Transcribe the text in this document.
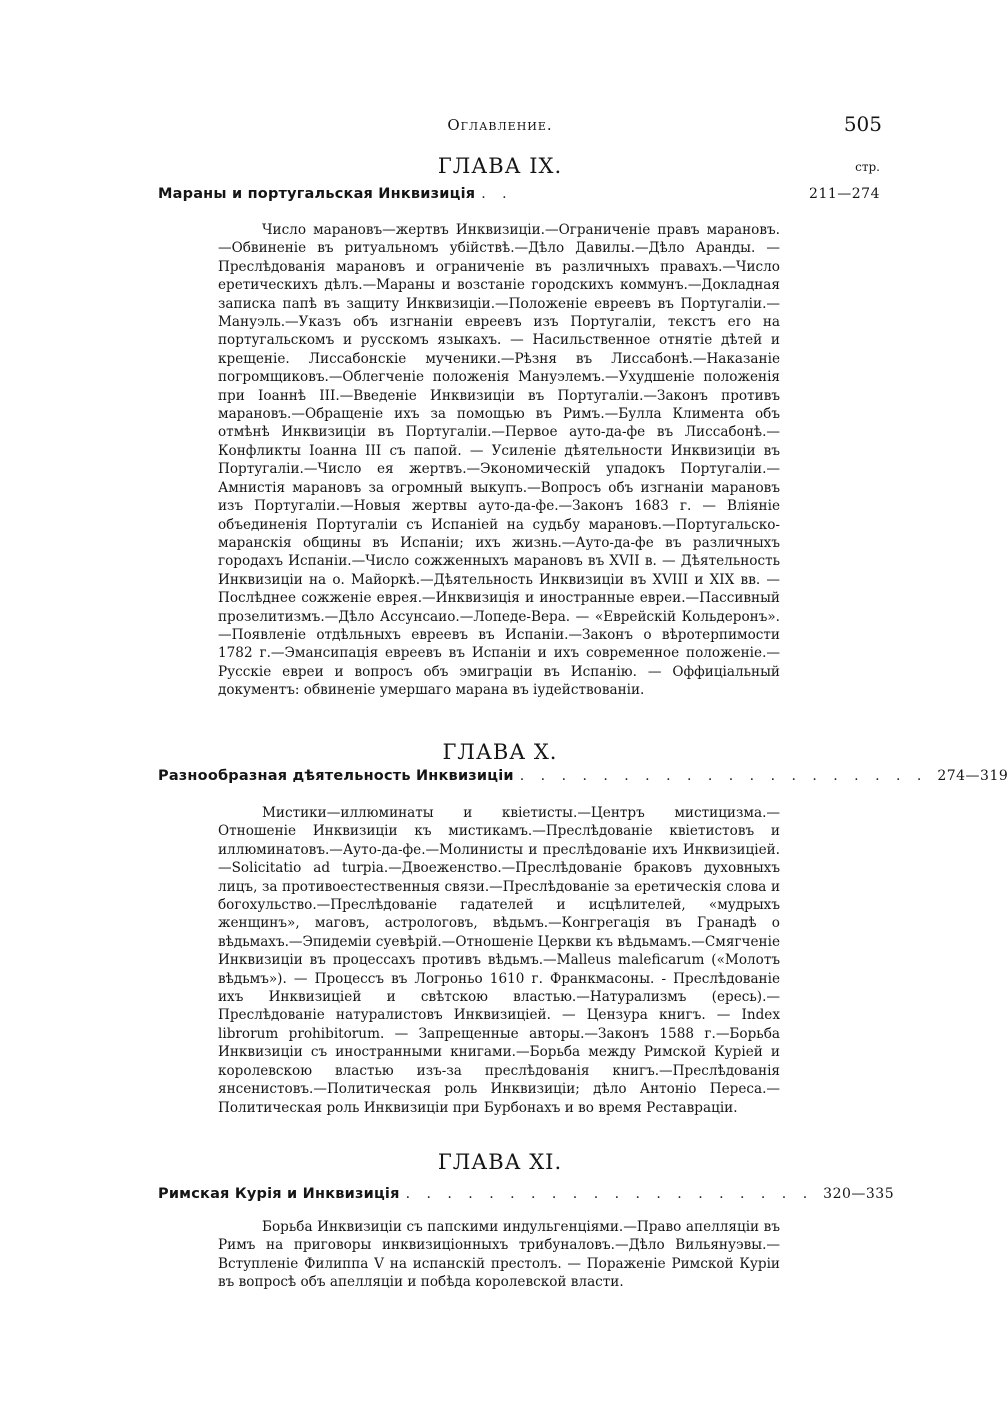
Оглавление.	505
ГЛАВА IX.	стр.
Мараны и португальская Инквизиція . .	211—274
Число марановъ—жертвъ Инквизиціи.—Ограниченіе правъ марановъ.—Обвиненіе въ ритуальномъ убійствѣ.—Дѣло Давилы.—Дѣло Аранды. — Преслѣдованія марановъ и ограниченіе въ различныхъ правахъ.—Число еретическихъ дѣлъ.—Мараны и возстаніе городскихъ коммунъ.—Докладная записка папѣ въ защиту Инквизиціи.—Положеніе евреевъ въ Португаліи.—Мануэль.—Указъ объ изгнаніи евреевъ изъ Португаліи, текстъ его на португальскомъ и русскомъ языкахъ. — Насильственное отнятіе дѣтей и крещеніе. Лиссабонскіе мученики.—Рѣзня въ Лиссабонѣ.—Наказаніе погромщиковъ.—Облегченіе положенія Мануэлемъ.—Ухудшеніе положенія при Іоаннѣ III.—Введеніе Инквизиціи въ Португаліи.—Законъ противъ марановъ.—Обращеніе ихъ за помощью въ Римъ.—Булла Климента объ отмѣнѣ Инквизиціи въ Португаліи.—Первое ауто-да-фе въ Лиссабонѣ.—Конфликты Іоанна III съ папой. — Усиленіе дѣятельности Инквизиціи въ Португаліи.—Число ея жертвъ.—Экономическій упадокъ Португаліи.—Амнистія марановъ за огромный выкупъ.—Вопросъ объ изгнаніи марановъ изъ Португаліи.—Новыя жертвы ауто-да-фе.—Законъ 1683 г. — Вліяніе объединенія Португаліи съ Испаніей на судьбу марановъ.—Португальско-маранскія общины въ Испаніи; ихъ жизнь.—Ауто-да-фе въ различныхъ городахъ Испаніи.—Число сожженныхъ марановъ въ XVII в. — Дѣятельность Инквизиціи на о. Майоркѣ.—Дѣятельность Инквизиціи въ XVIII и XIX вв. — Послѣднее сожженіе еврея.—Инквизиція и иностранные евреи.—Пассивный прозелитизмъ.—Дѣло Ассунсаио.—Лопеде-Вера. — «Еврейскій Кольдеронъ».—Появленіе отдѣльныхъ евреевъ въ Испаніи.—Законъ о вѣротерпимости 1782 г.—Эмансипація евреевъ въ Испаніи и ихъ современное положеніе.—Русскіе евреи и вопросъ объ эмиграціи въ Испанію. — Оффиціальный документъ: обвиненіе умершаго марана въ іудействованіи.
ГЛАВА X.
Разнообразная дѣятельность Инквизиціи . . . . . . . . . . . . . . . . . . . . 274—319
Мистики—иллюминаты и квіетисты.—Центръ мистицизма.—Отношеніе Инквизиціи къ мистикамъ.—Преслѣдованіе квіетистовъ и иллюминатовъ.—Ауто-да-фе.—Молинисты и преслѣдованіе ихъ Инквизиціей.—Solicitatio ad turpia.—Двоеженство.—Преслѣдованіе браковъ духовныхъ лицъ, за противоестественныя связи.—Преслѣдованіе за еретическія слова и богохульство.—Преслѣдованіе гадателей и исцѣлителей, «мудрыхъ женщинъ», маговъ, астрологовъ, вѣдьмъ.—Конгрегація въ Гранадѣ о вѣдьмахъ.—Эпидеміи суевѣрій.—Отношеніе Церкви къ вѣдьмамъ.—Смягченіе Инквизиціи въ процессахъ противъ вѣдьмъ.—Malleus maleficarum («Молотъ вѣдьмъ»). — Процессъ въ Логроньо 1610 г. Франкмасоны. - Преслѣдованіе ихъ Инквизиціей и свѣтскою властью.—Натурализмъ (ересь).—Преслѣдованіе натуралистовъ Инквизиціей. — Цензура книгъ. — Index librorum prohibitorum. — Запрещенные авторы.—Законъ 1588 г.—Борьба Инквизиціи съ иностранными книгами.—Борьба между Римской Куріей и королевскою властью изъ-за преслѣдованія книгъ.—Преслѣдованія янсенистовъ.—Политическая роль Инквизиціи; дѣло Антоніо Переса.—Политическая роль Инквизиціи при Бурбонахъ и во время Реставраціи.
ГЛАВА XI.
Римская Курія и Инквизиція . . . . . . . . . . . . . . . . . . . . 320—335
Борьба Инквизиціи съ папскими индульгенціями.—Право апелляціи въ Римъ на приговоры инквизиціонныхъ трибуналовъ.—Дѣло Вильянуэвы.—Вступленіе Филиппа V на испанскій престолъ. — Пораженіе Римской Куріи въ вопросѣ объ апелляціи и побѣда королевской власти.
